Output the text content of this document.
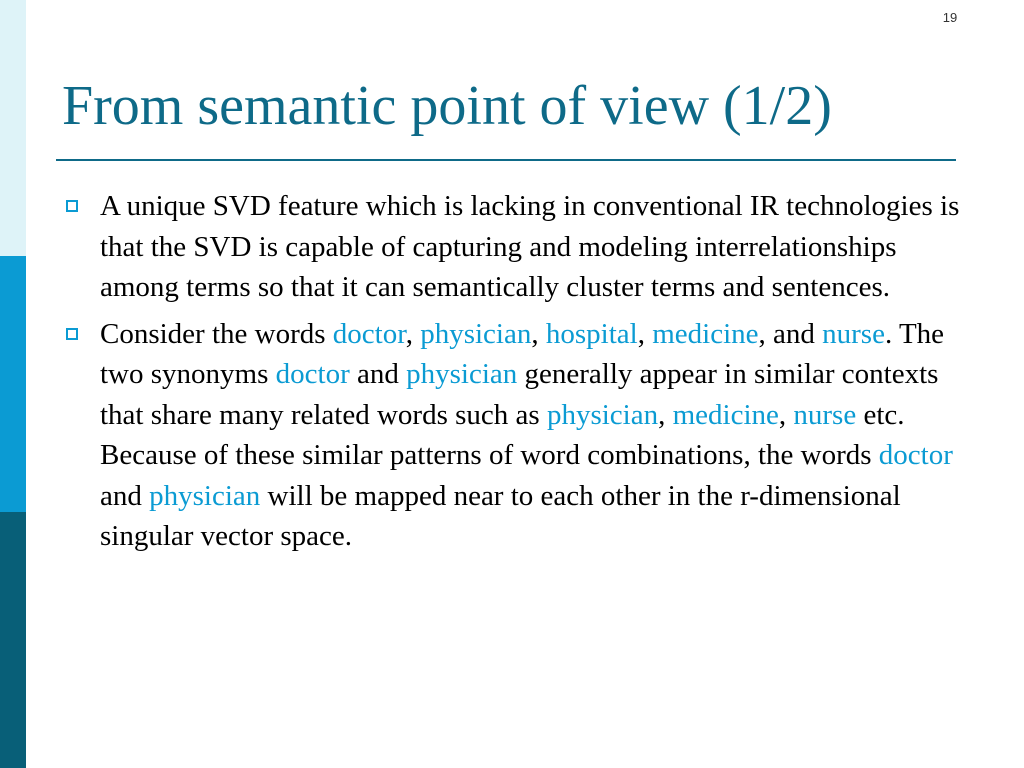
19
From semantic point of view (1/2)
A unique SVD feature which is lacking in conventional IR technologies is that the SVD is capable of capturing and modeling interrelationships among terms so that it can semantically cluster terms and sentences.
Consider the words doctor, physician, hospital, medicine, and nurse. The two synonyms doctor and physician generally appear in similar contexts that share many related words such as physician, medicine, nurse etc. Because of these similar patterns of word combinations, the words doctor and physician will be mapped near to each other in the r-dimensional singular vector space.
